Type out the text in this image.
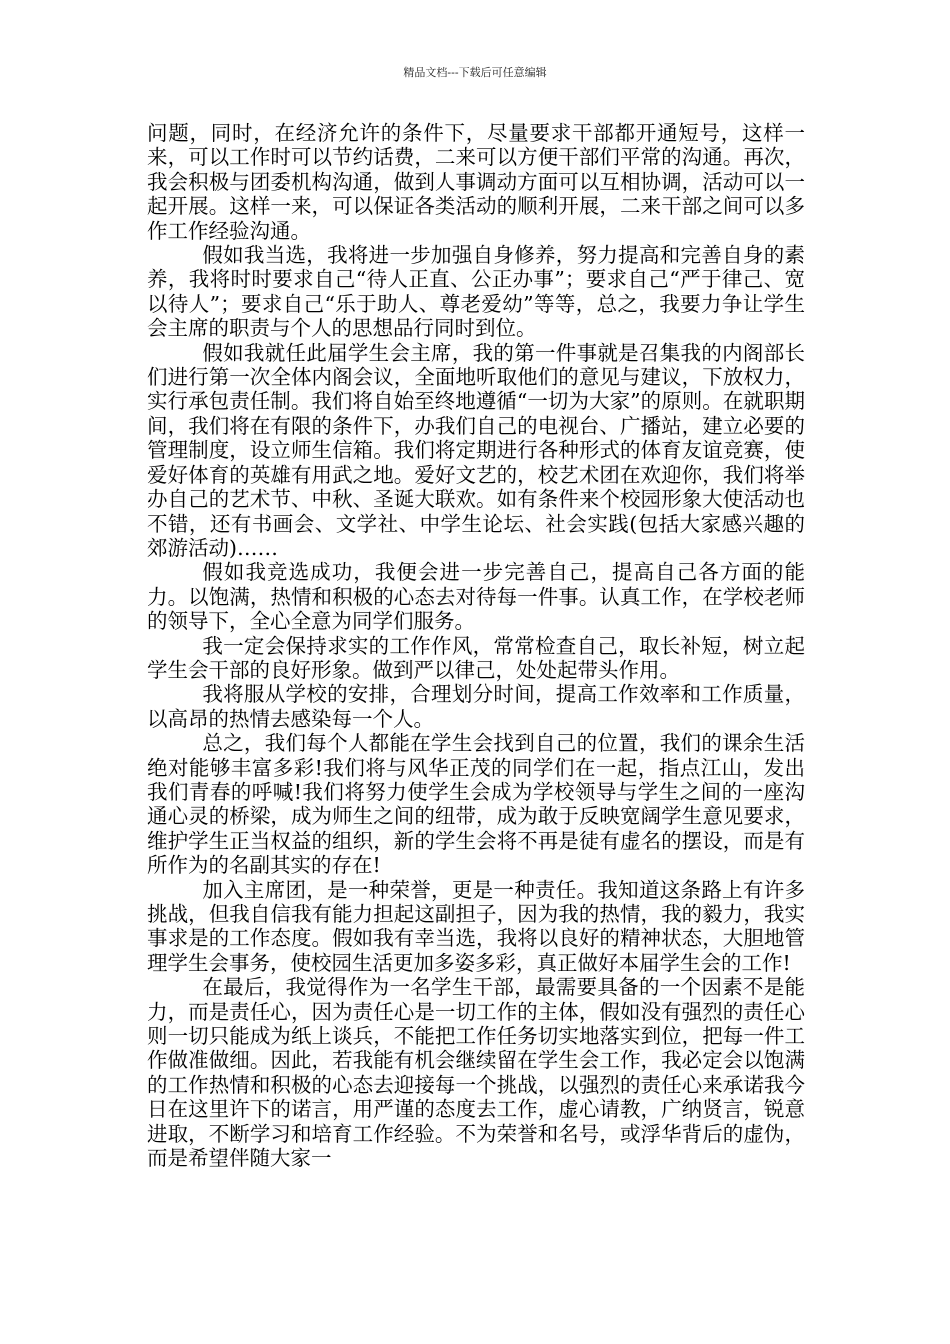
精品文档---下载后可任意编辑

问题，同时，在经济允许的条件下，尽量要求干部都开通短号，这样一来，可以工作时可以节约话费，二来可以方便干部们平常的沟通。再次，我会积极与团委机构沟通，做到人事调动方面可以互相协调，活动可以一起开展。这样一来，可以保证各类活动的顺利开展，二来干部之间可以多作工作经验沟通。

假如我当选，我将进一步加强自身修养，努力提高和完善自身的素养，我将时时要求自己“待人正直、公正办事”；要求自己“严于律己、宽以待人”；要求自己“乐于助人、尊老爱幼”等等，总之，我要力争让学生会主席的职责与个人的思想品行同时到位。

假如我就任此届学生会主席，我的第一件事就是召集我的内阁部长们进行第一次全体内阁会议，全面地听取他们的意见与建议，下放权力，实行承包责任制。我们将自始至终地遵循“一切为大家”的原则。在就职期间，我们将在有限的条件下，办我们自己的电视台、广播站，建立必要的管理制度，设立师生信箱。我们将定期进行各种形式的体育友谊竞赛，使爱好体育的英雄有用武之地。爱好文艺的，校艺术团在欢迎你，我们将举办自己的艺术节、中秋、圣诞大联欢。如有条件来个校园形象大使活动也不错，还有书画会、文学社、中学生论坛、社会实践(包括大家感兴趣的郊游活动)……

假如我竞选成功，我便会进一步完善自己，提高自己各方面的能力。以饱满，热情和积极的心态去对待每一件事。认真工作，在学校老师的领导下，全心全意为同学们服务。

我一定会保持求实的工作作风，常常检查自己，取长补短，树立起学生会干部的良好形象。做到严以律己，处处起带头作用。

我将服从学校的安排，合理划分时间，提高工作效率和工作质量，以高昂的热情去感染每一个人。

总之，我们每个人都能在学生会找到自己的位置，我们的课余生活绝对能够丰富多彩!我们将与风华正茂的同学们在一起，指点江山，发出我们青春的呼喊!我们将努力使学生会成为学校领导与学生之间的一座沟通心灵的桥梁，成为师生之间的纽带，成为敢于反映宽阔学生意见要求，维护学生正当权益的组织，新的学生会将不再是徒有虚名的摆设，而是有所作为的名副其实的存在!

加入主席团，是一种荣誉，更是一种责任。我知道这条路上有许多挑战，但我自信我有能力担起这副担子，因为我的热情，我的毅力，我实事求是的工作态度。假如我有幸当选，我将以良好的精神状态，大胆地管理学生会事务，使校园生活更加多姿多彩，真正做好本届学生会的工作!

在最后，我觉得作为一名学生干部，最需要具备的一个因素不是能力，而是责任心，因为责任心是一切工作的主体，假如没有强烈的责任心则一切只能成为纸上谈兵，不能把工作任务切实地落实到位，把每一件工作做准做细。因此，若我能有机会继续留在学生会工作，我必定会以饱满的工作热情和积极的心态去迎接每一个挑战，以强烈的责任心来承诺我今日在这里许下的诺言，用严谨的态度去工作，虚心请教，广纳贤言，锐意进取，不断学习和培育工作经验。不为荣誉和名号，或浮华背后的虚伪，而是希望伴随大家一
